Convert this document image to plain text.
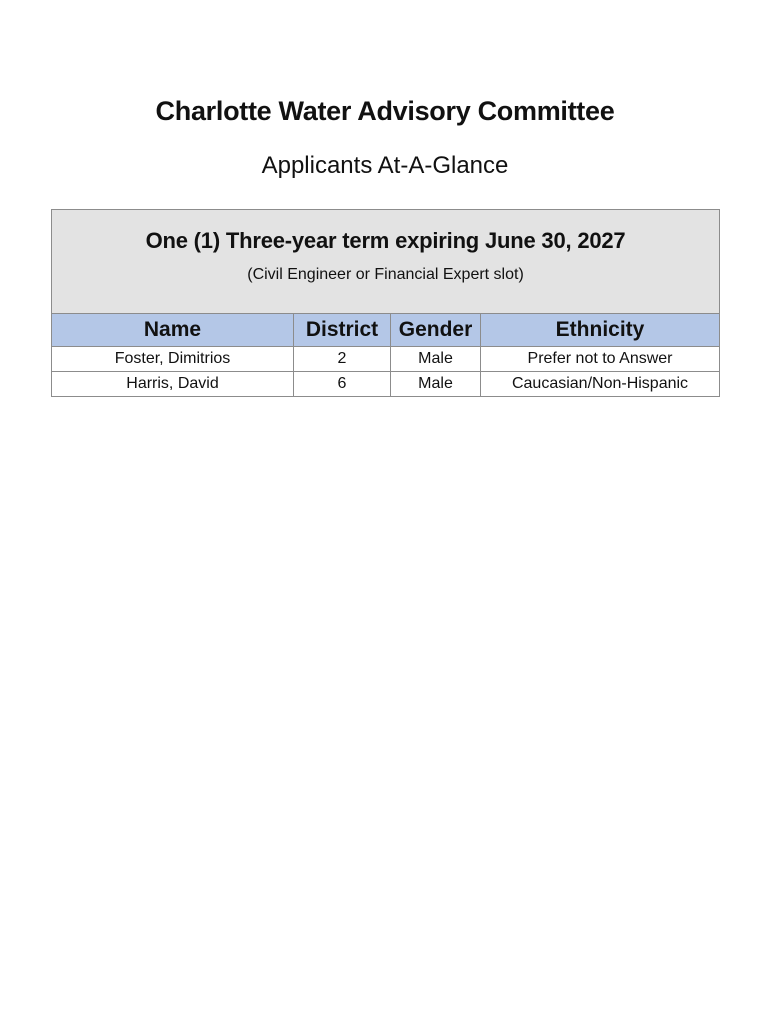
Charlotte Water Advisory Committee
Applicants At-A-Glance
One (1) Three-year term expiring June 30, 2027
(Civil Engineer or Financial Expert slot)			

Name	District	Gender	Ethnicity
Foster, Dimitrios	2	Male	Prefer not to Answer
Harris, David	6	Male	Caucasian/Non-Hispanic
